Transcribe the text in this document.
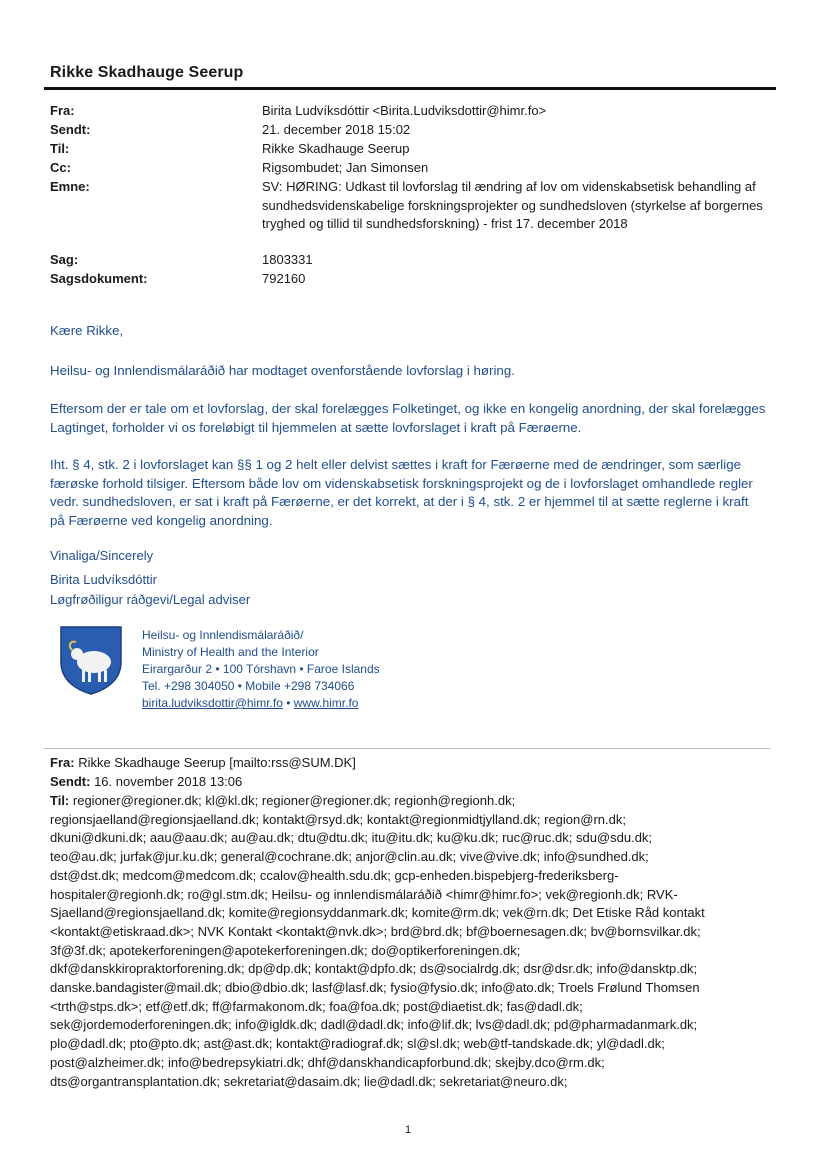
Rikke Skadhauge Seerup
Fra:	Birita Ludvíksdóttir <Birita.Ludviksdottir@himr.fo>
Sendt:	21. december 2018 15:02
Til:	Rikke Skadhauge Seerup
Cc:	Rigsombudet; Jan Simonsen
Emne:	SV: HØRING: Udkast til lovforslag til ændring af lov om videnskabsetisk behandling af sundhedsvidenskabelige forskningsprojekter og sundhedsloven (styrkelse af borgernes tryghed og tillid til sundhedsforskning) - frist 17. december 2018
Sag:	1803331
Sagsdokument:	792160
Kære Rikke,
Heilsu- og Innlendismálaráðið har modtaget ovenforstående lovforslag i høring.
Eftersom der er tale om et lovforslag, der skal forelægges Folketinget, og ikke en kongelig anordning, der skal forelægges Lagtinget, forholder vi os foreløbigt til hjemmelen at sætte lovforslaget i kraft på Færøerne.
Iht. § 4, stk. 2 i lovforslaget kan §§ 1 og 2 helt eller delvist sættes i kraft for Færøerne med de ændringer, som særlige færøske forhold tilsiger. Eftersom både lov om videnskabsetisk forskningsprojekt og de i lovforslaget omhandlede regler vedr. sundhedsloven, er sat i kraft på Færøerne, er det korrekt, at der i § 4, stk. 2 er hjemmel til at sætte reglerne i kraft på Færøerne ved kongelig anordning.
Vinaliga/Sincerely
Birita Ludvíksdóttir
Løgfrøðiligur ráðgevi/Legal adviser
Heilsu- og Innlendismálaráðið/
Ministry of Health and the Interior
Eirargarður 2 • 100 Tórshavn • Faroe Islands
Tel. +298 304050 • Mobile +298 734066
birita.ludviksdottir@himr.fo • www.himr.fo
Fra: Rikke Skadhauge Seerup [mailto:rss@SUM.DK]
Sendt: 16. november 2018 13:06
Til: regioner@regioner.dk; kl@kl.dk; regioner@regioner.dk; regionh@regionh.dk;
regionsjaelland@regionsjaelland.dk; kontakt@rsyd.dk; kontakt@regionmidtjylland.dk; region@rn.dk;
dkuni@dkuni.dk; aau@aau.dk; au@au.dk; dtu@dtu.dk; itu@itu.dk; ku@ku.dk; ruc@ruc.dk; sdu@sdu.dk;
teo@au.dk; jurfak@jur.ku.dk; general@cochrane.dk; anjor@clin.au.dk; vive@vive.dk; info@sundhed.dk;
dst@dst.dk; medcom@medcom.dk; ccalov@health.sdu.dk; gcp-enheden.bispebjerg-frederiksberg-
hospitaler@regionh.dk; ro@gl.stm.dk; Heilsu- og innlendismálaráðið <himr@himr.fo>; vek@regionh.dk; RVK-
Sjaelland@regionsjaelland.dk; komite@regionsyddanmark.dk; komite@rm.dk; vek@rn.dk; Det Etiske Råd kontakt
<kontakt@etiskraad.dk>; NVK Kontakt <kontakt@nvk.dk>; brd@brd.dk; bf@boernesagen.dk; bv@bornsvilkar.dk;
3f@3f.dk; apotekerforeningen@apotekerforeningen.dk; do@optikerforeningen.dk;
dkf@danskkiropraktorforening.dk; dp@dp.dk; kontakt@dpfo.dk; ds@socialrdg.dk; dsr@dsr.dk; info@dansktp.dk;
danske.bandagister@mail.dk; dbio@dbio.dk; lasf@lasf.dk; fysio@fysio.dk; info@ato.dk; Troels Frølund Thomsen
<trth@stps.dk>; etf@etf.dk; ff@farmakonom.dk; foa@foa.dk; post@diaetist.dk; fas@dadl.dk;
sek@jordemoderforeningen.dk; info@igldk.dk; dadl@dadl.dk; info@lif.dk; lvs@dadl.dk; pd@pharmadanmark.dk;
plo@dadl.dk; pto@pto.dk; ast@ast.dk; kontakt@radiograf.dk; sl@sl.dk; web@tf-tandskade.dk; yl@dadl.dk;
post@alzheimer.dk; info@bedrepsykiatri.dk; dhf@danskhandicapforbund.dk; skejby.dco@rm.dk;
dts@organtransplantation.dk; sekretariat@dasaim.dk; lie@dadl.dk; sekretariat@neuro.dk;
1
